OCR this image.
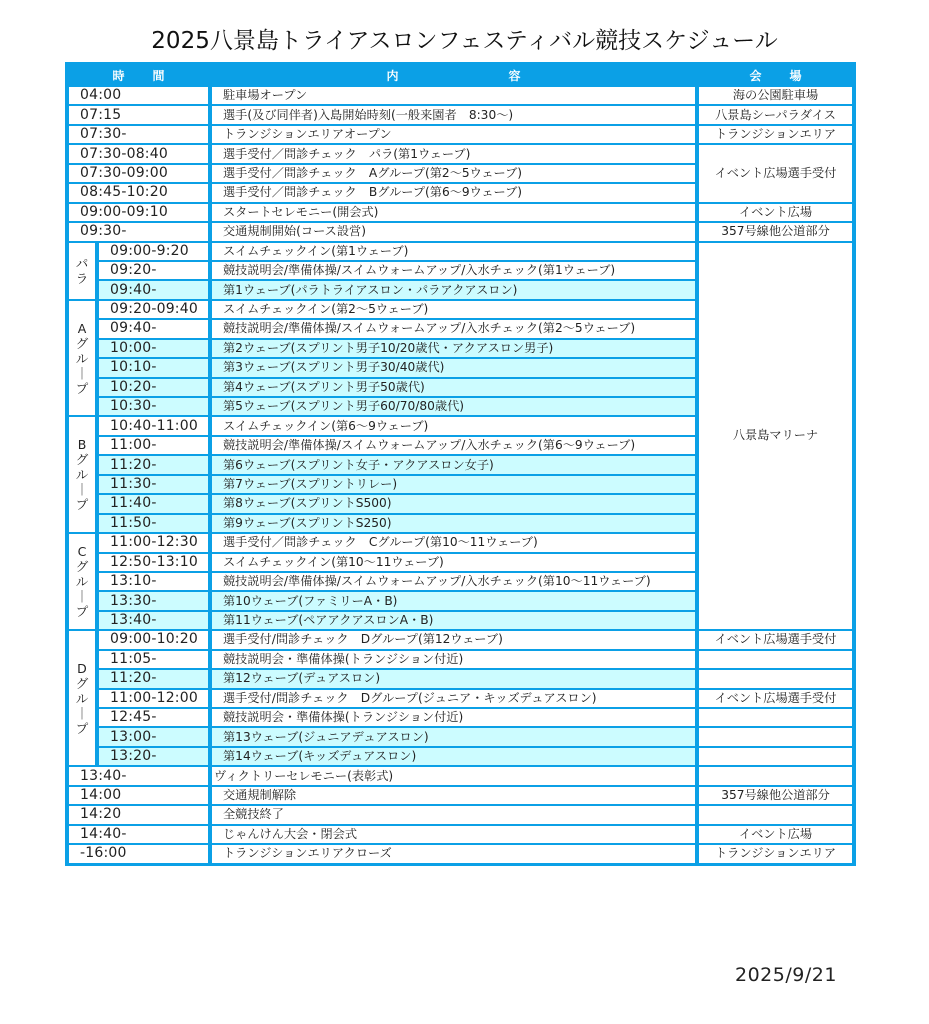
2025八景島トライアスロンフェスティバル競技スケジュール
時 間		内 容	会 場
04:00		駐車場オープン	海の公園駐車場
07:15		選手(及び同伴者)入島開始時刻(一般来園者　8:30～)	八景島シーパラダイス
07:30-		トランジションエリアオープン	トランジションエリア
07:30-08:40		選手受付／問診チェック　パラ(第1ウェーブ)	イベント広場選手受付
07:30-09:00		選手受付／問診チェック　Aグループ(第2～5ウェーブ)	
08:45-10:20		選手受付／問診チェック　Bグループ(第6～9ウェーブ)	
09:00-09:10		スタートセレモニー(開会式)	イベント広場
09:30-		交通規制開始(コース設営)	357号線他公道部分

パ
ラ	09:00-9:20	スイムチェックイン(第1ウェーブ)	八景島マリーナ
	09:20-	競技説明会/準備体操/スイムウォームアップ/入水チェック(第1ウェーブ)	
	09:40-	第1ウェーブ(パラトライアスロン・パラアクアスロン)	

A
グ
ル
｜
プ	09:20-09:40	スイムチェックイン(第2～5ウェーブ)	
	09:40-	競技説明会/準備体操/スイムウォームアップ/入水チェック(第2～5ウェーブ)	
	10:00-	第2ウェーブ(スプリント男子10/20歳代・アクアスロン男子)	
	10:10-	第3ウェーブ(スプリント男子30/40歳代)	
	10:20-	第4ウェーブ(スプリント男子50歳代)	
	10:30-	第5ウェーブ(スプリント男子60/70/80歳代)	

B
グ
ル
｜
プ	10:40-11:00	スイムチェックイン(第6～9ウェーブ)	
	11:00-	競技説明会/準備体操/スイムウォームアップ/入水チェック(第6～9ウェーブ)	
	11:20-	第6ウェーブ(スプリント女子・アクアスロン女子)	
	11:30-	第7ウェーブ(スプリントリレー)	
	11:40-	第8ウェーブ(スプリントS500)	
	11:50-	第9ウェーブ(スプリントS250)	

C
グ
ル
｜
プ	11:00-12:30	選手受付／問診チェック　Cグループ(第10～11ウェーブ)	
	12:50-13:10	スイムチェックイン(第10～11ウェーブ)	
	13:10-	競技説明会/準備体操/スイムウォームアップ/入水チェック(第10～11ウェーブ)	
	13:30-	第10ウェーブ(ファミリーA・B)	
	13:40-	第11ウェーブ(ペアアクアスロンA・B)	

D
グ
ル
｜
プ	09:00-10:20	選手受付/問診チェック　Dグループ(第12ウェーブ)	イベント広場選手受付
	11:05-	競技説明会・準備体操(トランジション付近)	
	11:20-	第12ウェーブ(デュアスロン)	
	11:00-12:00	選手受付/問診チェック　Dグループ(ジュニア・キッズデュアスロン)	イベント広場選手受付
	12:45-	競技説明会・準備体操(トランジション付近)	
	13:00-	第13ウェーブ(ジュニアデュアスロン)	
	13:20-	第14ウェーブ(キッズデュアスロン)	
13:40-		ヴィクトリーセレモニー(表彰式)	
14:00		交通規制解除	357号線他公道部分
14:20		全競技終了	
14:40-		じゃんけん大会・閉会式	イベント広場
-16:00		トランジションエリアクローズ	トランジションエリア
2025/9/21
